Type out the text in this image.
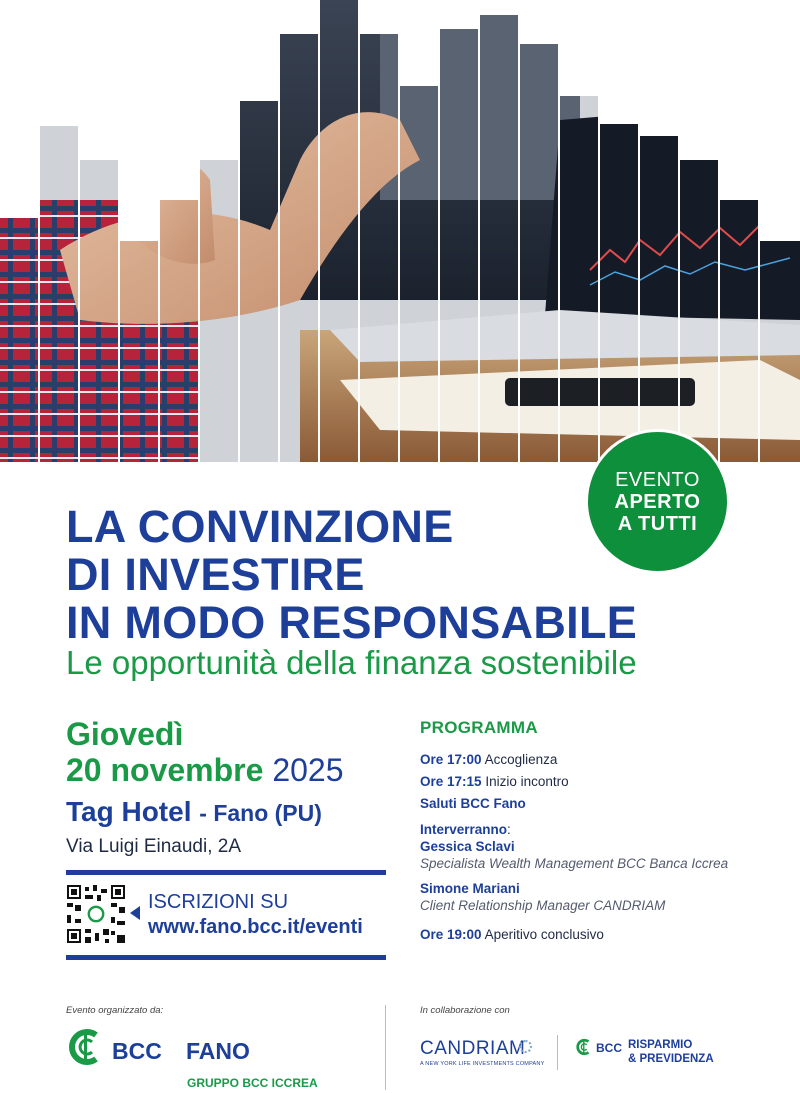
EVENTO
APERTO
A TUTTI
LA CONVINZIONE
DI INVESTIRE
IN MODO RESPONSABILE
Le opportunità della finanza sostenibile
Giovedì
20 novembre 2025
Tag Hotel - Fano (PU)
Via Luigi Einaudi, 2A
ISCRIZIONI SU
www.fano.bcc.it/eventi
PROGRAMMA
Ore 17:00 Accoglienza
Ore 17:15 Inizio incontro
Saluti BCC Fano
Interverranno:
Gessica Sclavi
Specialista Wealth Management BCC Banca Iccrea
Simone Mariani
Client Relationship Manager CANDRIAM
Ore 19:00 Aperitivo conclusivo
Evento organizzato da:
BCC FANO
GRUPPO BCC ICCREA
In collaborazione con
CANDRIAM
A NEW YORK LIFE INVESTMENTS COMPANY
BCC RISPARMIO
& PREVIDENZA
